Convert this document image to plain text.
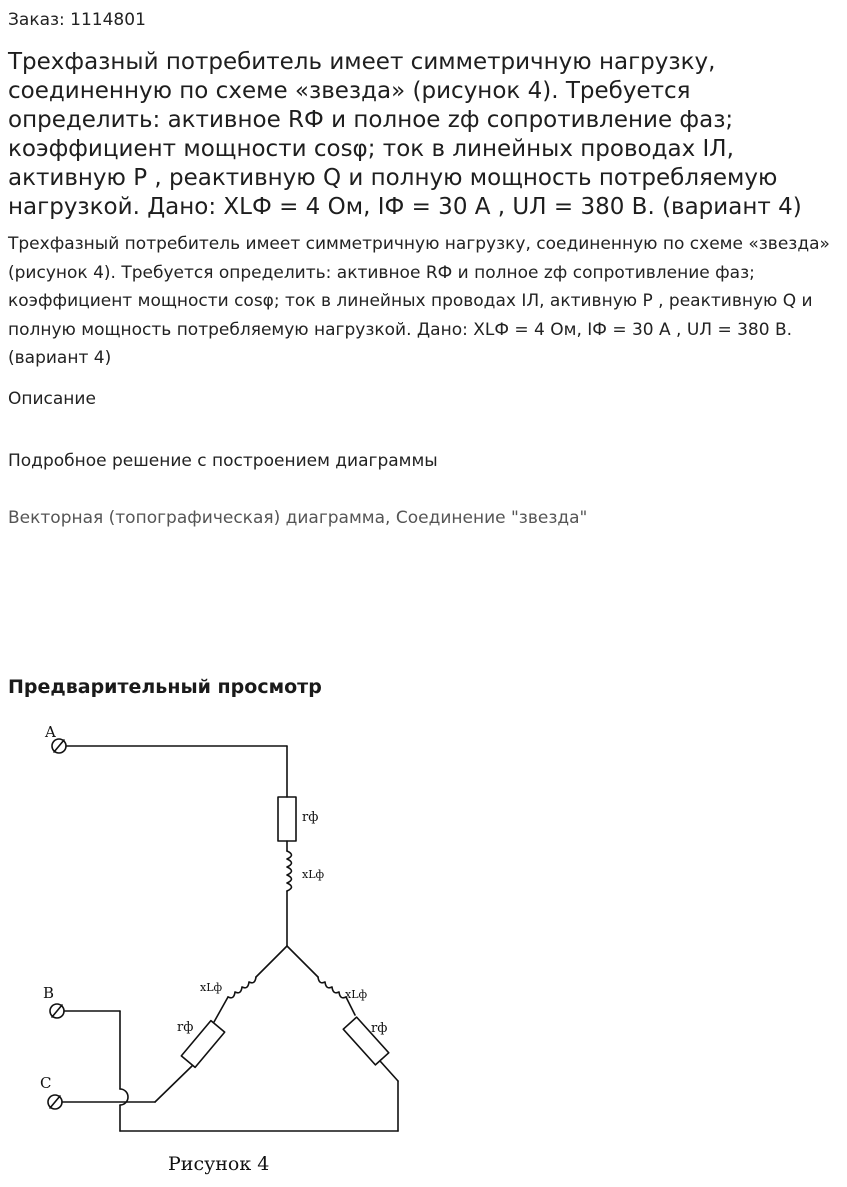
Заказ: 1114801
Трехфазный потребитель имеет симметричную нагрузку, соединенную по схеме «звезда» (рисунок 4). Требуется определить: активное RФ и полное zф сопротивление фаз; коэффициент мощности cosφ; ток в линейных проводах IЛ, активную P , реактивную Q и полную мощность потребляемую нагрузкой. Дано: XLФ = 4 Ом, IФ = 30 А , UЛ = 380 В. (вариант 4)

Трехфазный потребитель имеет симметричную нагрузку, соединенную по схеме «звезда» (рисунок 4). Требуется определить: активное RФ и полное zф сопротивление фаз; коэффициент мощности cosφ; ток в линейных проводах IЛ, активную P , реактивную Q и полную мощность потребляемую нагрузкой. Дано: XLФ = 4 Ом, IФ = 30 А , UЛ = 380 В. (вариант 4)

Описание
Подробное решение с построением диаграммы
Векторная (топографическая) диаграмма, Соединение "звезда"
Предварительный просмотр
A
B
C
rф
xLф
xLф
rф
xLф
rф
Рисунок 4
